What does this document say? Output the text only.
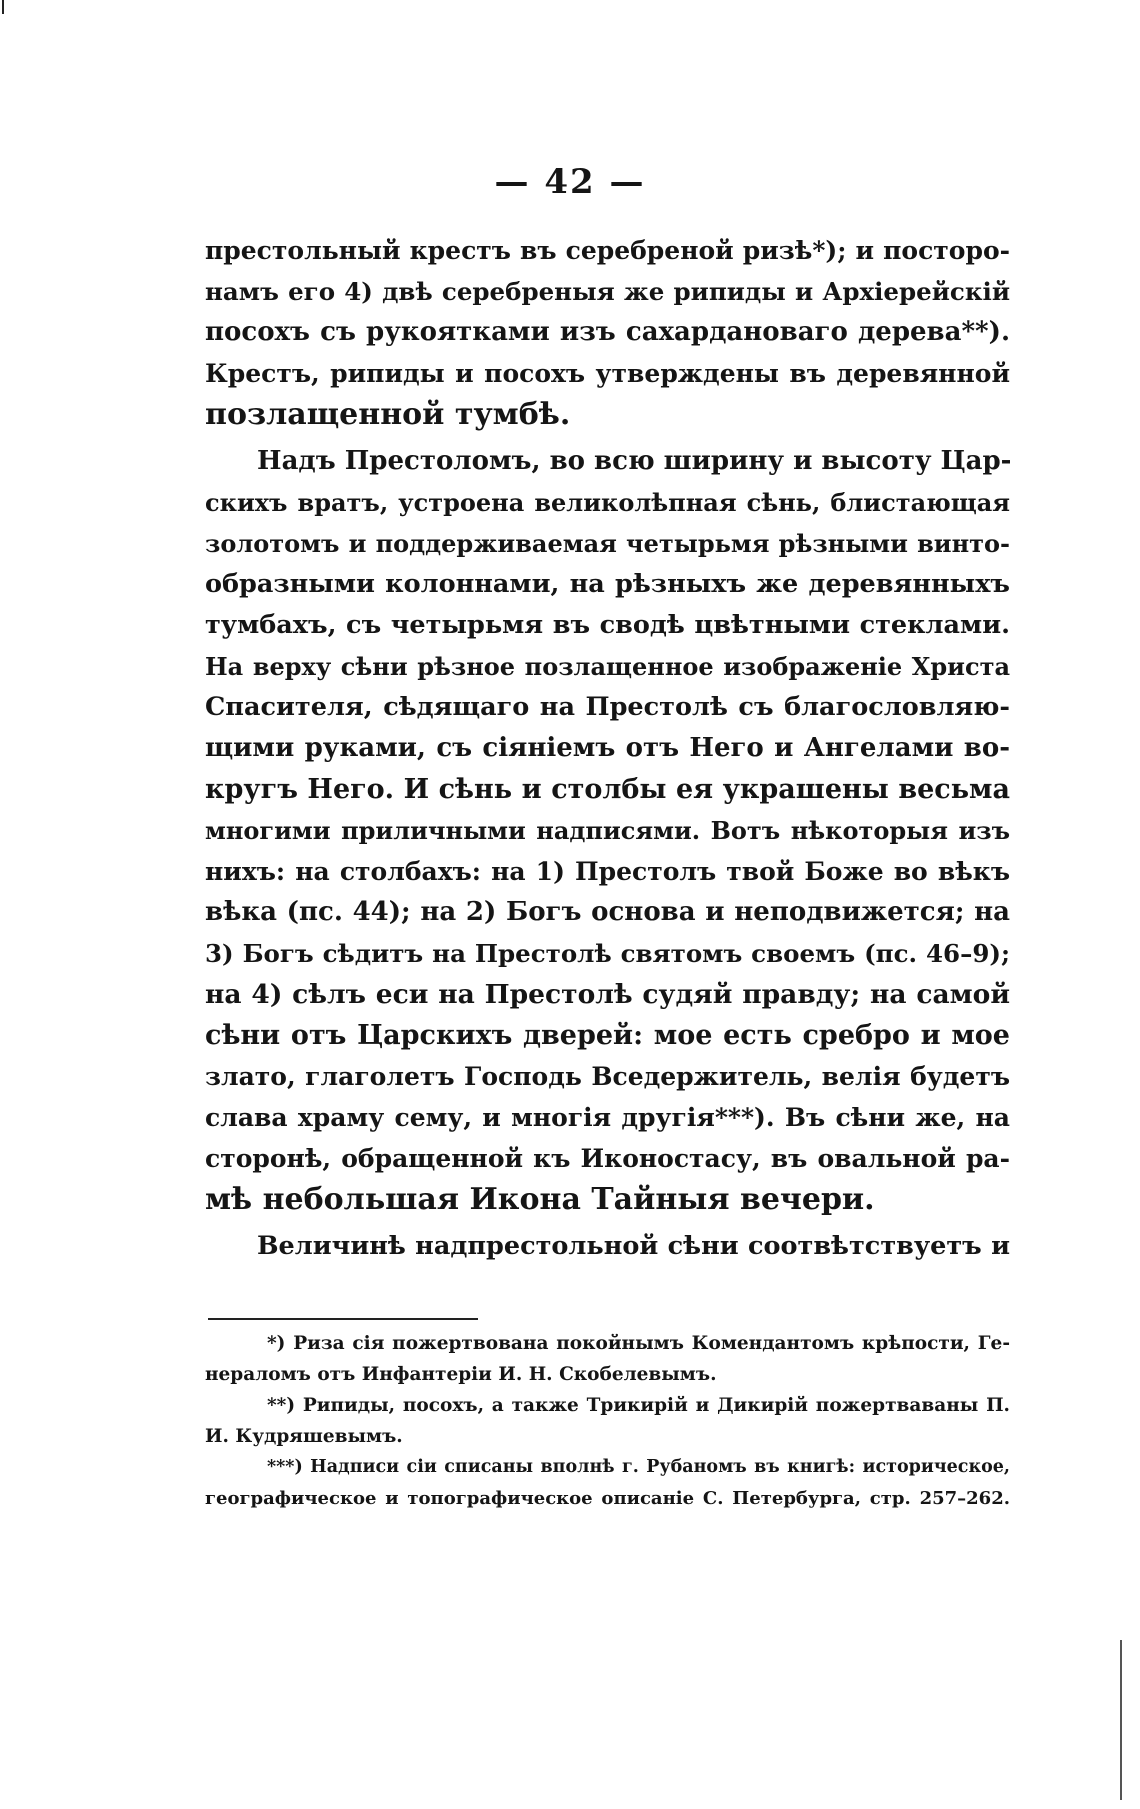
— 42 —
престольный крестъ въ серебреной ризѣ*); и посторо-
намъ его 4) двѣ серебреныя же рипиды и Архіерейскій
посохъ съ рукоятками изъ сахардановаго дерева**).
Крестъ, рипиды и посохъ утверждены въ деревянной
позлащенной тумбѣ.
Надъ Престоломъ, во всю ширину и высоту Цар-
скихъ вратъ, устроена великолѣпная сѣнь, блистающая
золотомъ и поддерживаемая четырьмя рѣзными винто-
образными колоннами, на рѣзныхъ же деревянныхъ
тумбахъ, съ четырьмя въ сводѣ цвѣтными стеклами.
На верху сѣни рѣзное позлащенное изображеніе Христа
Спасителя, сѣдящаго на Престолѣ съ благословляю-
щими руками, съ сіяніемъ отъ Него и Ангелами во-
кругъ Него. И сѣнь и столбы ея украшены весьма
многими приличными надписями. Вотъ нѣкоторыя изъ
нихъ: на столбахъ: на 1) Престолъ твой Боже во вѣкъ
вѣка (пс. 44); на 2) Богъ основа и неподвижется; на
3) Богъ сѣдитъ на Престолѣ святомъ своемъ (пс. 46–9);
на 4) сѣлъ еси на Престолѣ судяй правду; на самой
сѣни отъ Царскихъ дверей: мое есть сребро и мое
злато, глаголетъ Господь Вседержитель, велія будетъ
слава храму сему, и многія другія***). Въ сѣни же, на
сторонѣ, обращенной къ Иконостасу, въ овальной ра-
мѣ небольшая Икона Тайныя вечери.
Величинѣ надпрестольной сѣни соотвѣтствуетъ и
*) Риза сія пожертвована покойнымъ Комендантомъ крѣпости, Ге-
нераломъ отъ Инфантеріи И. Н. Скобелевымъ.
**) Рипиды, посохъ, а также Трикирій и Дикирій пожертваваны П.
И. Кудряшевымъ.
***) Надписи сіи списаны вполнѣ г. Рубаномъ въ книгѣ: историческое,
географическое и топографическое описаніе С. Петербурга, стр. 257–262.
